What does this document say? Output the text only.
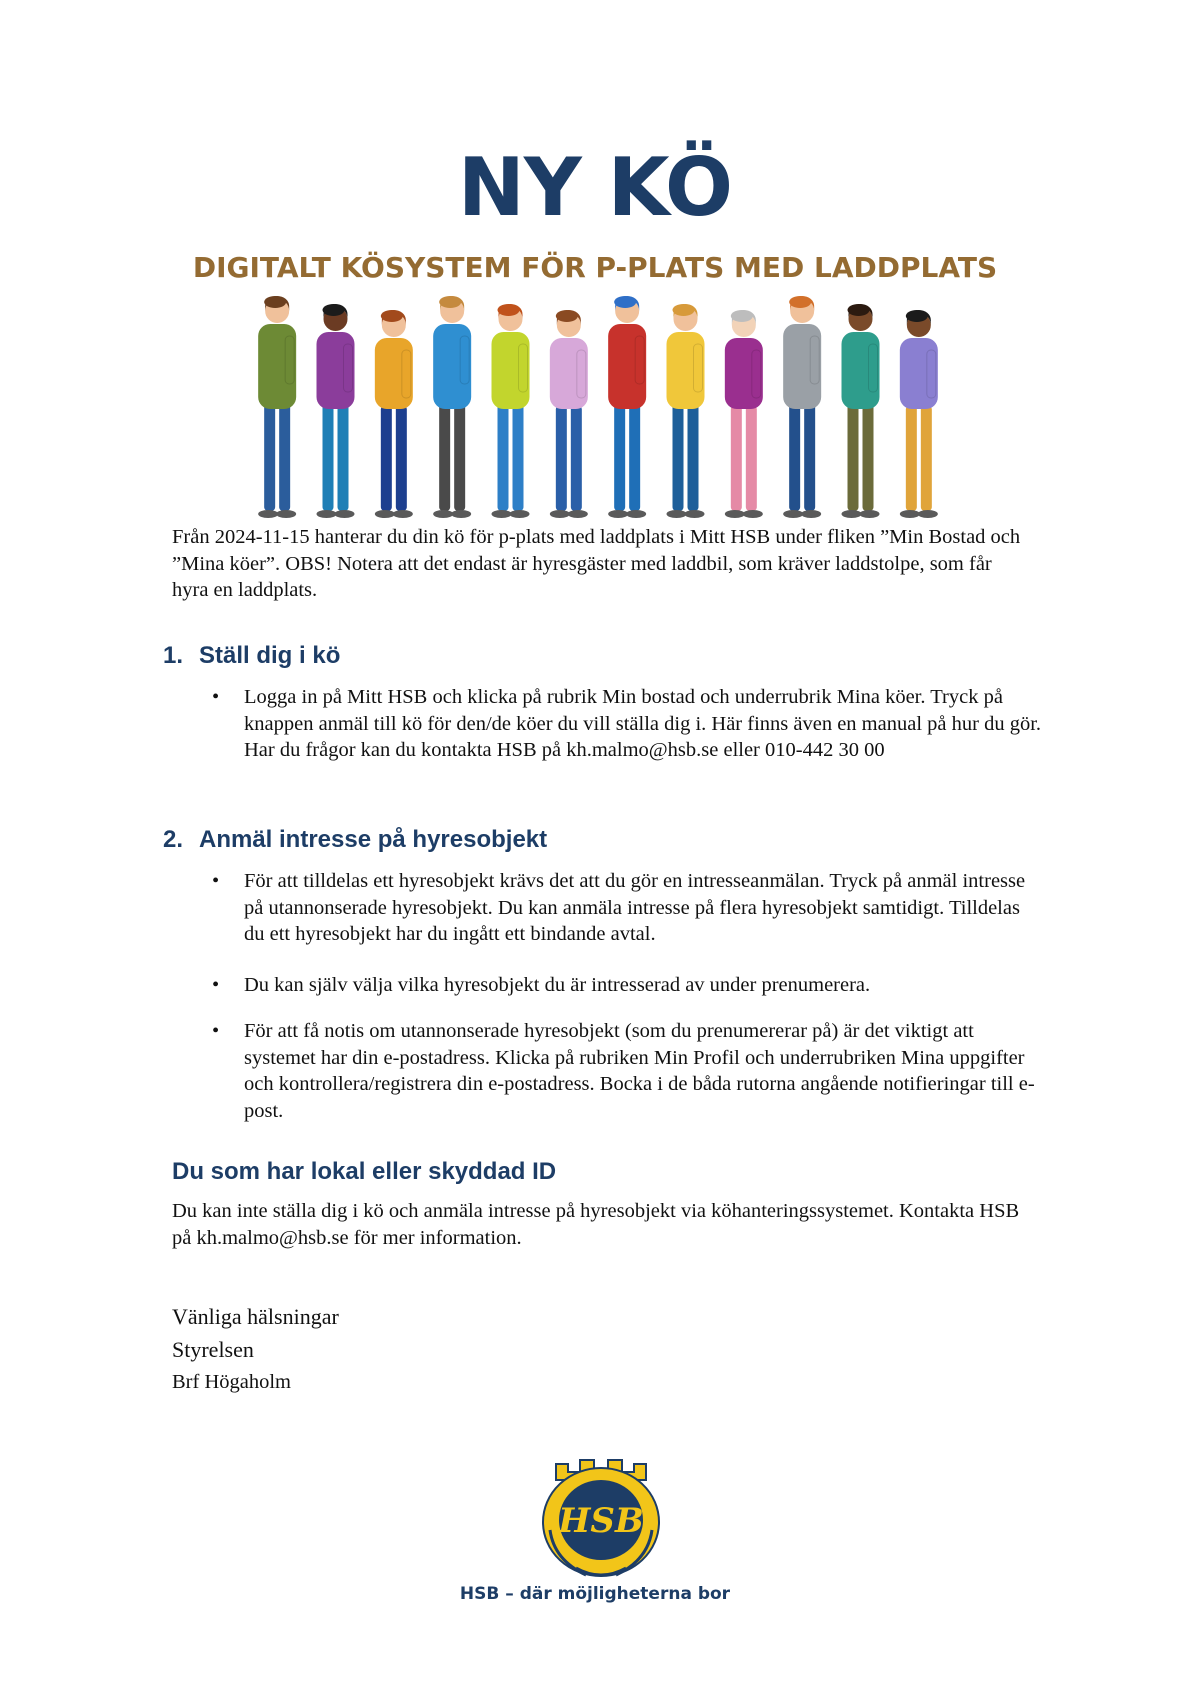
NY KÖ
DIGITALT KÖSYSTEM FÖR P-PLATS MED LADDPLATS

Från 2024-11-15 hanterar du din kö för p-plats med laddplats i Mitt HSB under fliken ”Min Bostad och ”Mina köer”. OBS! Notera att det endast är hyresgäster med laddbil, som kräver laddstolpe, som får hyra en laddplats.

1. Ställ dig i kö
•	Logga in på Mitt HSB och klicka på rubrik Min bostad och underrubrik Mina köer. Tryck på knappen anmäl till kö för den/de köer du vill ställa dig i. Här finns även en manual på hur du gör. Har du frågor kan du kontakta HSB på kh.malmo@hsb.se eller 010-442 30 00
2. Anmäl intresse på hyresobjekt
•	För att tilldelas ett hyresobjekt krävs det att du gör en intresseanmälan. Tryck på anmäl intresse på utannonserade hyresobjekt. Du kan anmäla intresse på flera hyresobjekt samtidigt. Tilldelas du ett hyresobjekt har du ingått ett bindande avtal.
•	Du kan själv välja vilka hyresobjekt du är intresserad av under prenumerera.
•	För att få notis om utannonserade hyresobjekt (som du prenumererar på) är det viktigt att systemet har din e-postadress. Klicka på rubriken Min Profil och underrubriken Mina uppgifter och kontrollera/registrera din e-postadress. Bocka i de båda rutorna angående notifieringar till e-post.
Du som har lokal eller skyddad ID

Du kan inte ställa dig i kö och anmäla intresse på hyresobjekt via köhanteringssystemet. Kontakta HSB på kh.malmo@hsb.se för mer information.

Vänliga hälsningar
Styrelsen
Brf Högaholm
HSB
HSB – där möjligheterna bor
